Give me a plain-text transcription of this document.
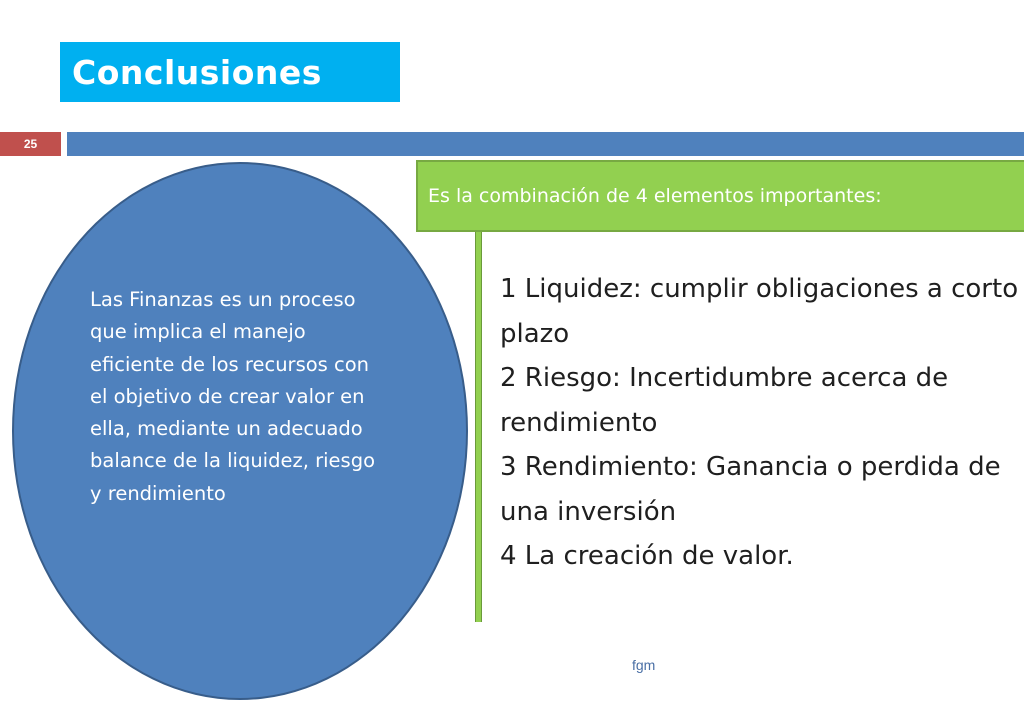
Conclusiones
25
Las Finanzas es un proceso que implica el manejo eficiente de los recursos con el objetivo de crear valor en ella, mediante un adecuado balance de la liquidez, riesgo y rendimiento
Es la combinación de 4 elementos importantes:
1 Liquidez: cumplir obligaciones a corto plazo
2 Riesgo: Incertidumbre acerca de rendimiento
3 Rendimiento: Ganancia o perdida de una inversión
4 La creación de valor.
fgm
